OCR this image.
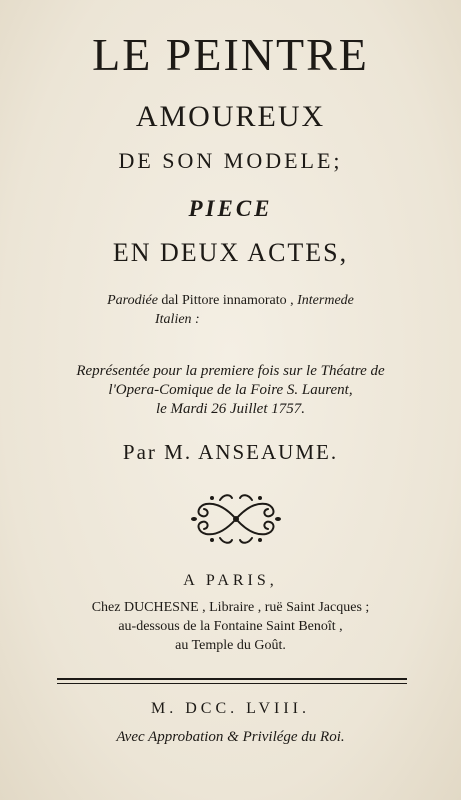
LE PEINTRE
AMOUREUX
DE SON MODELE;
PIECE
EN DEUX ACTES,
Parodiée dal Pittore innamorato , Intermede
Italien :
Représentée pour la premiere fois sur le Théatre de
l'Opera-Comique de la Foire S. Laurent,
le Mardi 26 Juillet 1757.
Par M. ANSEAUME.
A PARIS,
Chez DUCHESNE , Libraire , ruë Saint Jacques ;
au-dessous de la Fontaine Saint Benoît ,
au Temple du Goût.
M. DCC. LVIII.
Avec Approbation & Privilége du Roi.
